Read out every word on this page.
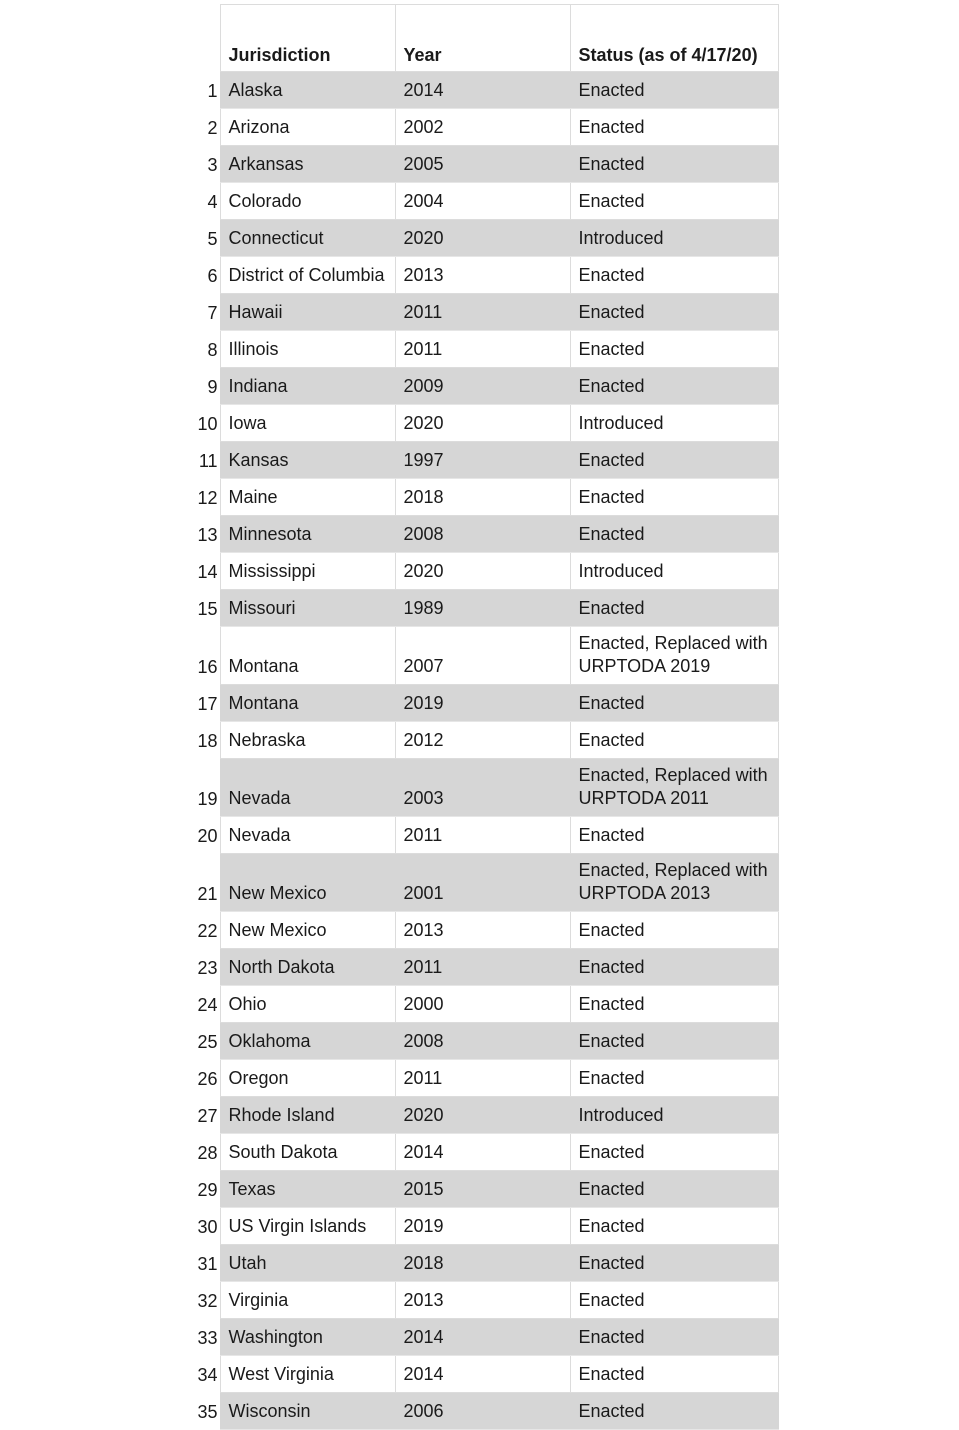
	Jurisdiction	Year	Status (as of 4/17/20)
1	Alaska	2014	Enacted
2	Arizona	2002	Enacted
3	Arkansas	2005	Enacted
4	Colorado	2004	Enacted
5	Connecticut	2020	Introduced
6	District of Columbia	2013	Enacted
7	Hawaii	2011	Enacted
8	Illinois	2011	Enacted
9	Indiana	2009	Enacted
10	Iowa	2020	Introduced
11	Kansas	1997	Enacted
12	Maine	2018	Enacted
13	Minnesota	2008	Enacted
14	Mississippi	2020	Introduced
15	Missouri	1989	Enacted
16	Montana	2007	Enacted, Replaced with URPTODA 2019
17	Montana	2019	Enacted
18	Nebraska	2012	Enacted
19	Nevada	2003	Enacted, Replaced with URPTODA 2011
20	Nevada	2011	Enacted
21	New Mexico	2001	Enacted, Replaced with URPTODA 2013
22	New Mexico	2013	Enacted
23	North Dakota	2011	Enacted
24	Ohio	2000	Enacted
25	Oklahoma	2008	Enacted
26	Oregon	2011	Enacted
27	Rhode Island	2020	Introduced
28	South Dakota	2014	Enacted
29	Texas	2015	Enacted
30	US Virgin Islands	2019	Enacted
31	Utah	2018	Enacted
32	Virginia	2013	Enacted
33	Washington	2014	Enacted
34	West Virginia	2014	Enacted
35	Wisconsin	2006	Enacted
